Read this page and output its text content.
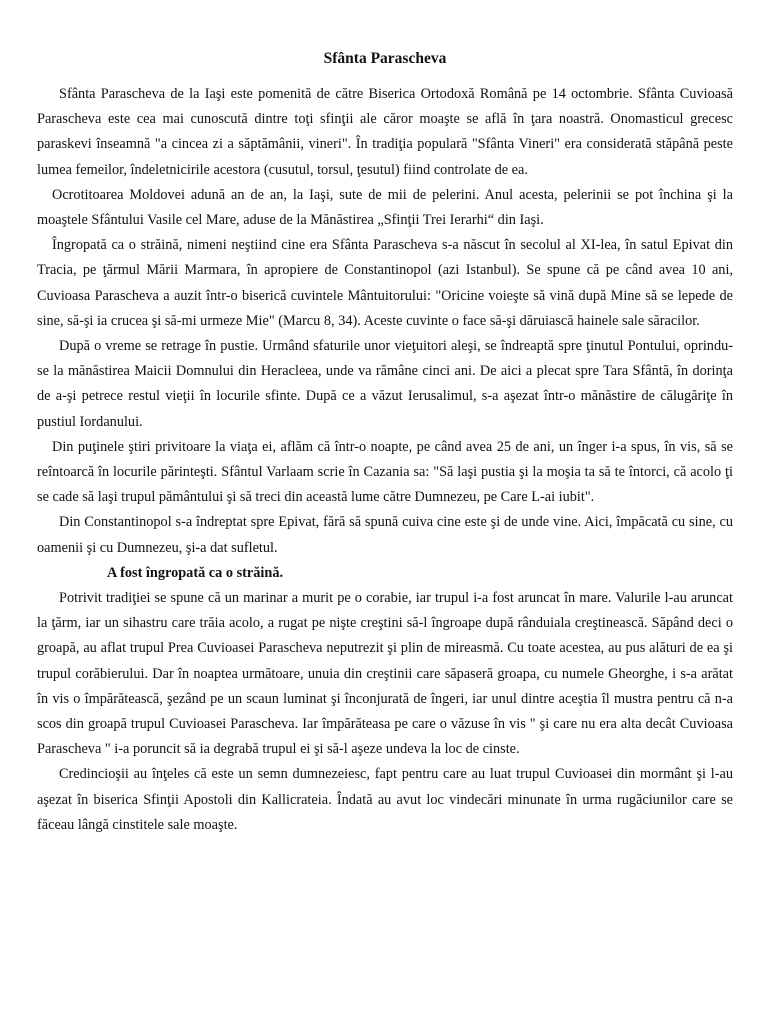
Sfânta Parascheva

Sfânta Parascheva de la Iaşi este pomenită de către Biserica Ortodoxă Română pe 14 octombrie. Sfânta Cuvioasă Parascheva este cea mai cunoscută dintre toţi sfinţii ale căror moaşte se află în ţara noastră. Onomasticul grecesc paraskevi înseamnă "a cincea zi a săptămânii, vineri". În tradiţia populară "Sfânta Vineri" era considerată stăpână peste lumea femeilor, îndeletnicirile acestora (cusutul, torsul, ţesutul) fiind controlate de ea.

Ocrotitoarea Moldovei adună an de an, la Iaşi, sute de mii de pelerini. Anul acesta, pelerinii se pot închina şi la moaştele Sfântului Vasile cel Mare, aduse de la Mănăstirea „Sfinţii Trei Ierarhi“ din Iaşi.

Îngropată ca o străină, nimeni neştiind cine era Sfânta Parascheva s-a născut în secolul al XI-lea, în satul Epivat din Tracia, pe ţărmul Mării Marmara, în apropiere de Constantinopol (azi Istanbul). Se spune că pe când avea 10 ani, Cuvioasa Parascheva a auzit într-o biserică cuvintele Mântuitorului: "Oricine voieşte să vină după Mine să se lepede de sine, să-şi ia crucea şi să-mi urmeze Mie" (Marcu 8, 34). Aceste cuvinte o face să-şi dăruiască hainele sale săracilor.

După o vreme se retrage în pustie. Urmând sfaturile unor vieţuitori aleşi, se îndreaptă spre ţinutul Pontului, oprindu-se la mănăstirea Maicii Domnului din Heracleea, unde va rămâne cinci ani. De aici a plecat spre Tara Sfântă, în dorinţa de a-şi petrece restul vieţii în locurile sfinte. După ce a văzut Ierusalimul, s-a aşezat într-o mănăstire de călugăriţe în pustiul Iordanului.

Din puţinele ştiri privitoare la viaţa ei, aflăm că într-o noapte, pe când avea 25 de ani, un înger i-a spus, în vis, să se reîntoarcă în locurile părinteşti. Sfântul Varlaam scrie în Cazania sa: "Să laşi pustia şi la moşia ta să te întorci, că acolo ţi se cade să laşi trupul pământului şi să treci din această lume către Dumnezeu, pe Care L-ai iubit".

Din Constantinopol s-a îndreptat spre Epivat, fără să spună cuiva cine este şi de unde vine. Aici, împăcată cu sine, cu oamenii şi cu Dumnezeu, şi-a dat sufletul.

A fost îngropată ca o străină.

Potrivit tradiţiei se spune că un marinar a murit pe o corabie, iar trupul i-a fost aruncat în mare. Valurile l-au aruncat la ţărm, iar un sihastru care trăia acolo, a rugat pe nişte creştini să-l îngroape după rânduiala creştinească. Săpând deci o groapă, au aflat trupul Prea Cuvioasei Parascheva neputrezit şi plin de mireasmă. Cu toate acestea, au pus alături de ea şi trupul corăbierului. Dar în noaptea următoare, unuia din creştinii care săpaseră groapa, cu numele Gheorghe, i s-a arătat în vis o împărătească, şezând pe un scaun luminat şi înconjurată de îngeri, iar unul dintre aceştia îl mustra pentru că n-a scos din groapă trupul Cuvioasei Parascheva. Iar împărăteasa pe care o văzuse în vis " şi care nu era alta decât Cuvioasa Parascheva " i-a poruncit să ia degrabă trupul ei şi să-l aşeze undeva la loc de cinste.

Credincioşii au înţeles că este un semn dumnezeiesc, fapt pentru care au luat trupul Cuvioasei din mormânt şi l-au aşezat în biserica Sfinţii Apostoli din Kallicrateia. Îndată au avut loc vindecări minunate în urma rugăciunilor care se făceau lângă cinstitele sale moaşte.
